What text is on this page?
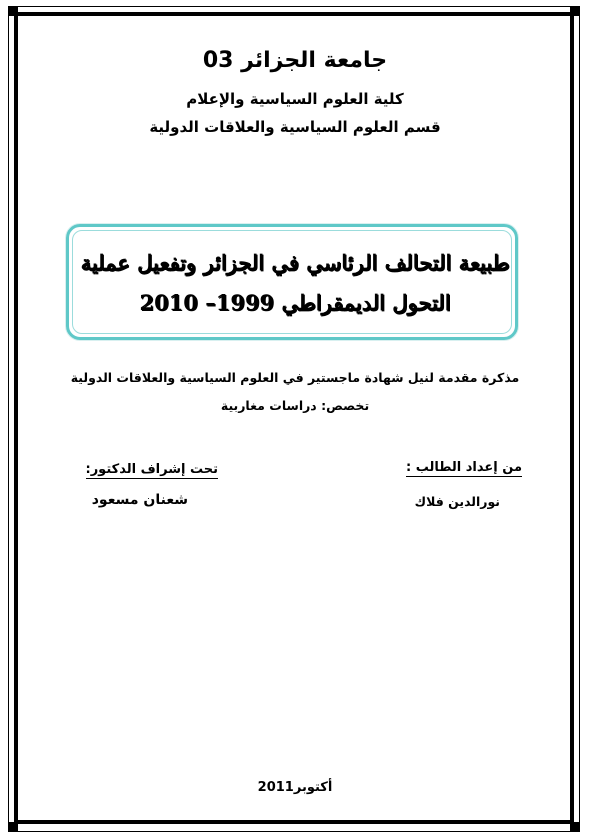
جامعة الجزائر 03
كلية العلوم السياسية والإعلام
قسم العلوم السياسية والعلاقات الدولية
طبيعة التحالف الرئاسي في الجزائر وتفعيل عملية
التحول الديمقراطي 1999– 2010
مذكرة مقدمة لنيل شهادة ماجستير في العلوم السياسية والعلاقات الدولية
تخصص: دراسات مغاربية
من إعداد الطالب :
تحت إشراف الدكتور:
نورالدين فلاك
شعنان مسعود
أكتوبر2011
